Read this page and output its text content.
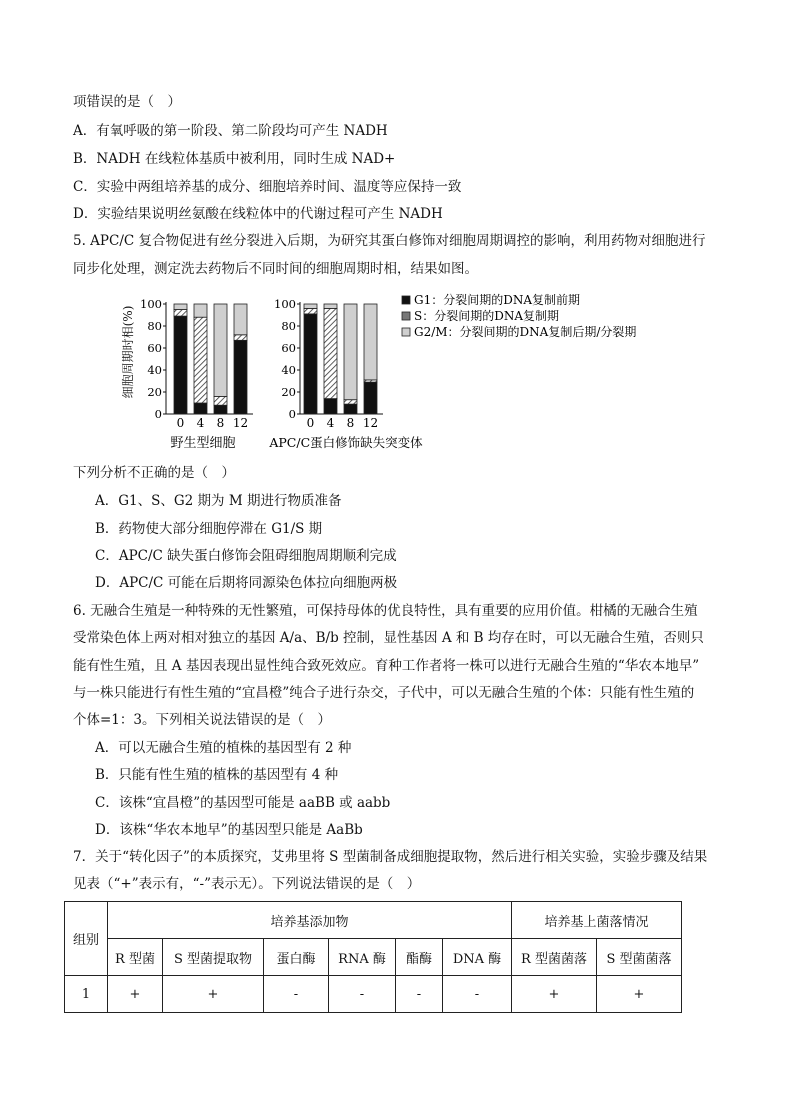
项错误的是（　）
A．有氧呼吸的第一阶段、第二阶段均可产生 NADH
B．NADH 在线粒体基质中被利用，同时生成 NAD+
C．实验中两组培养基的成分、细胞培养时间、温度等应保持一致
D．实验结果说明丝氨酸在线粒体中的代谢过程可产生 NADH
5. APC/C 复合物促进有丝分裂进入后期，为研究其蛋白修饰对细胞周期调控的影响，利用药物对细胞进行
同步化处理，测定洗去药物后不同时间的细胞周期时相，结果如图。
细胞周期时相(%)
0
20
40
60
80
100
0
20
40
60
80
100
0 4 8 12	0 4 8 12
野生型细胞	APC/C蛋白修饰缺失突变体
G1：分裂间期的DNA复制前期
S：分裂间期的DNA复制期
G2/M：分裂间期的DNA复制后期/分裂期
下列分析不正确的是（　）
A．G1、S、G2 期为 M 期进行物质准备
B．药物使大部分细胞停滞在 G1/S 期
C．APC/C 缺失蛋白修饰会阻碍细胞周期顺利完成
D．APC/C 可能在后期将同源染色体拉向细胞两极
6. 无融合生殖是一种特殊的无性繁殖，可保持母体的优良特性，具有重要的应用价值。柑橘的无融合生殖
受常染色体上两对相对独立的基因 A/a、B/b 控制，显性基因 A 和 B 均存在时，可以无融合生殖，否则只
能有性生殖，且 A 基因表现出显性纯合致死效应。育种工作者将一株可以进行无融合生殖的“华农本地早”
与一株只能进行有性生殖的“宜昌橙”纯合子进行杂交，子代中，可以无融合生殖的个体：只能有性生殖的
个体=1：3。下列相关说法错误的是（　）
A．可以无融合生殖的植株的基因型有 2 种
B．只能有性生殖的植株的基因型有 4 种
C．该株“宜昌橙”的基因型可能是 aaBB 或 aabb
D．该株“华农本地早”的基因型只能是 AaBb
7．关于“转化因子”的本质探究，艾弗里将 S 型菌制备成细胞提取物，然后进行相关实验，实验步骤及结果
见表（“+”表示有，“-”表示无）。下列说法错误的是（　）
组别	培养基添加物						培养基上菌落情况	
	R 型菌	S 型菌提取物	蛋白酶	RNA 酶	酯酶	DNA 酶	R 型菌菌落	S 型菌菌落
1	+	+	-	-	-	-	+	+
